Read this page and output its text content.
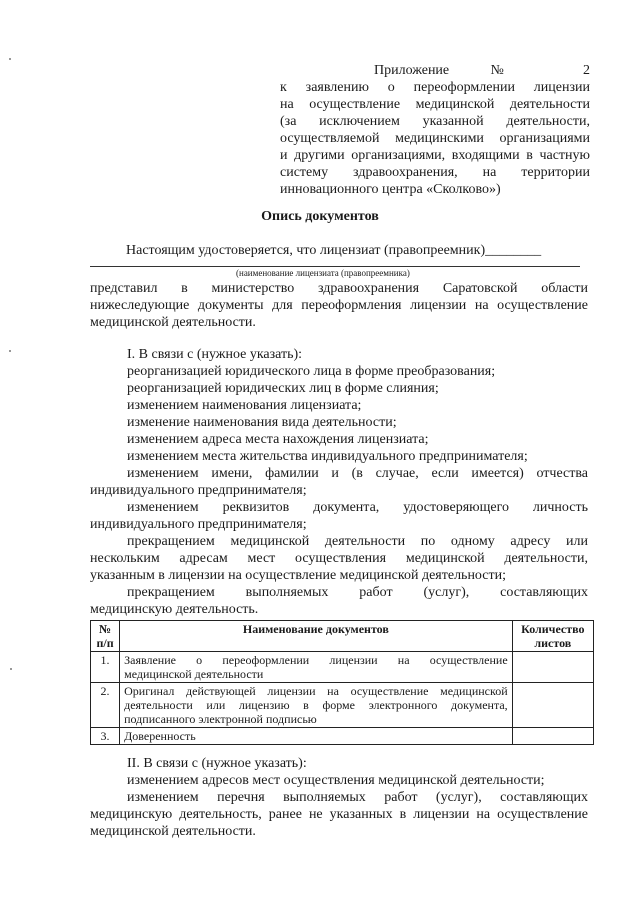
Приложение № 2
к заявлению о переоформлении лицензии
на осуществление медицинской деятельности
(за исключением указанной деятельности,
осуществляемой медицинскими организациями
и другими организациями, входящими в частную
систему здравоохранения, на территории
инновационного центра «Сколково»)
Опись документов
Настоящим удостоверяется, что лицензиат (правопреемник)________
(наименование лицензиата (правопреемника)
представил в министерство здравоохранения Саратовской области
нижеследующие документы для переоформления лицензии на осуществление
медицинской деятельности.
I. В связи с (нужное указать):
реорганизацией юридического лица в форме преобразования;
реорганизацией юридических лиц в форме слияния;
изменением наименования лицензиата;
изменение наименования вида деятельности;
изменением адреса места нахождения лицензиата;
изменением места жительства индивидуального предпринимателя;
изменением имени, фамилии и (в случае, если имеется) отчества
индивидуального предпринимателя;
изменением реквизитов документа, удостоверяющего личность
индивидуального предпринимателя;
прекращением медицинской деятельности по одному адресу или
нескольким адресам мест осуществления медицинской деятельности,
указанным в лицензии на осуществление медицинской деятельности;
прекращением выполняемых работ (услуг), составляющих
медицинскую деятельность.
№ п/п	Наименование документов	Количество листов
1.	Заявление о переоформлении лицензии на осуществление
медицинской деятельности	

2.	Оригинал действующей лицензии на осуществление медицинской
деятельности или лицензию в форме электронного документа,
подписанного электронной подписью	

3.	Доверенность	

II. В связи с (нужное указать):
изменением адресов мест осуществления медицинской деятельности;
изменением перечня выполняемых работ (услуг), составляющих
медицинскую деятельность, ранее не указанных в лицензии на осуществление
медицинской деятельности.
